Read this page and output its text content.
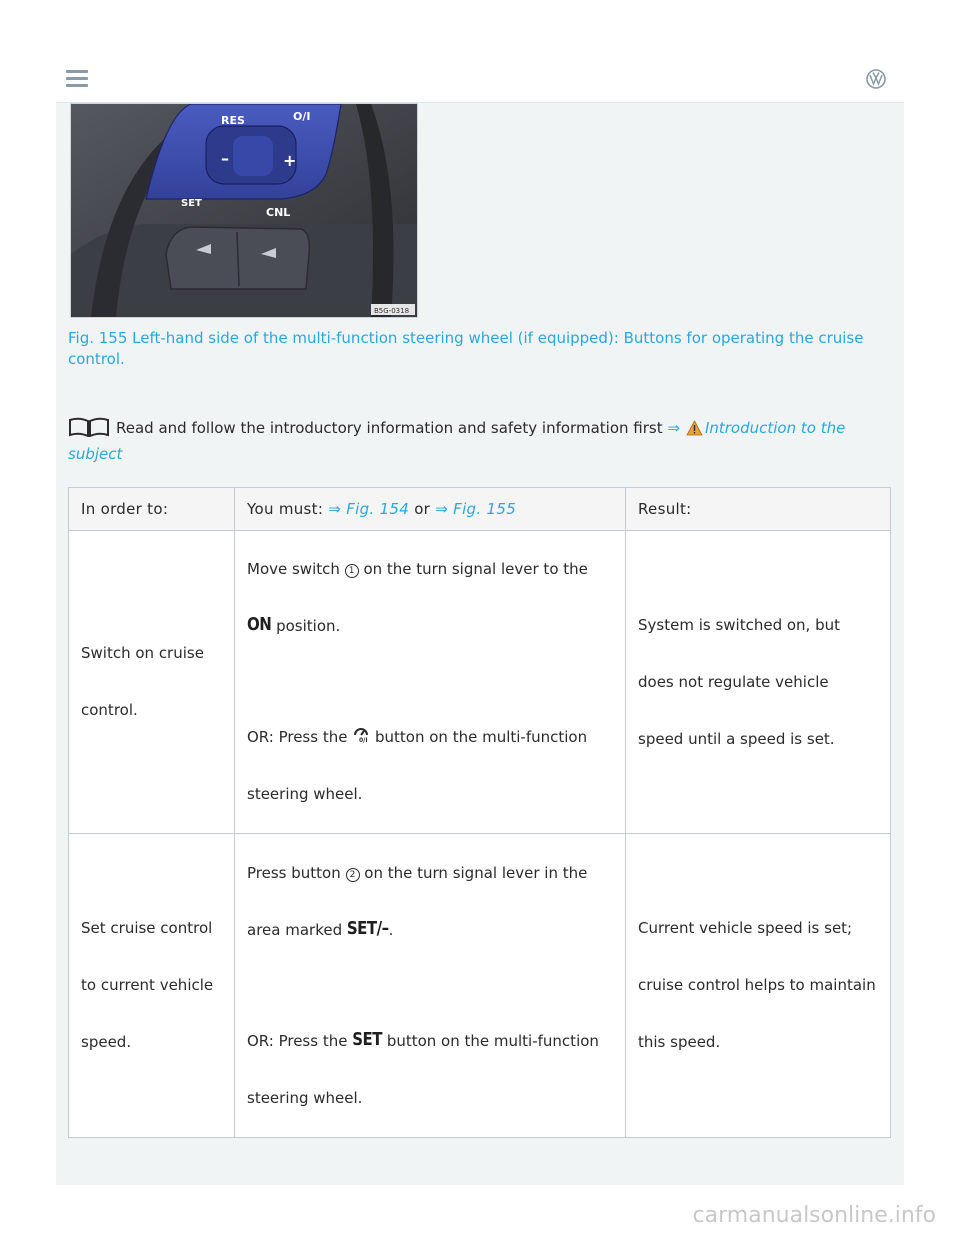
RES	O/I
–	+
SET
CNL
B5G-0318
Fig. 155 Left-hand side of the multi-function steering wheel (if equipped): Buttons for operating the cruise control.
Read and follow the introductory information and safety information first ⇒ Introduction to the subject
In order to:	You must: ⇒ Fig. 154 or ⇒ Fig. 155	Result:
Switch on cruise control.	Move switch 1 on the turn signal lever to the
ON position.
OR: Press the 0/I button on the multi-function steering wheel.	System is switched on, but does not regulate vehicle speed until a speed is set.
Set cruise control to current vehicle speed.	Press button 2 on the turn signal lever in the area marked SET/–.
OR: Press the SET button on the multi-function steering wheel.	Current vehicle speed is set; cruise control helps to maintain this speed.
carmanualsonline.info
